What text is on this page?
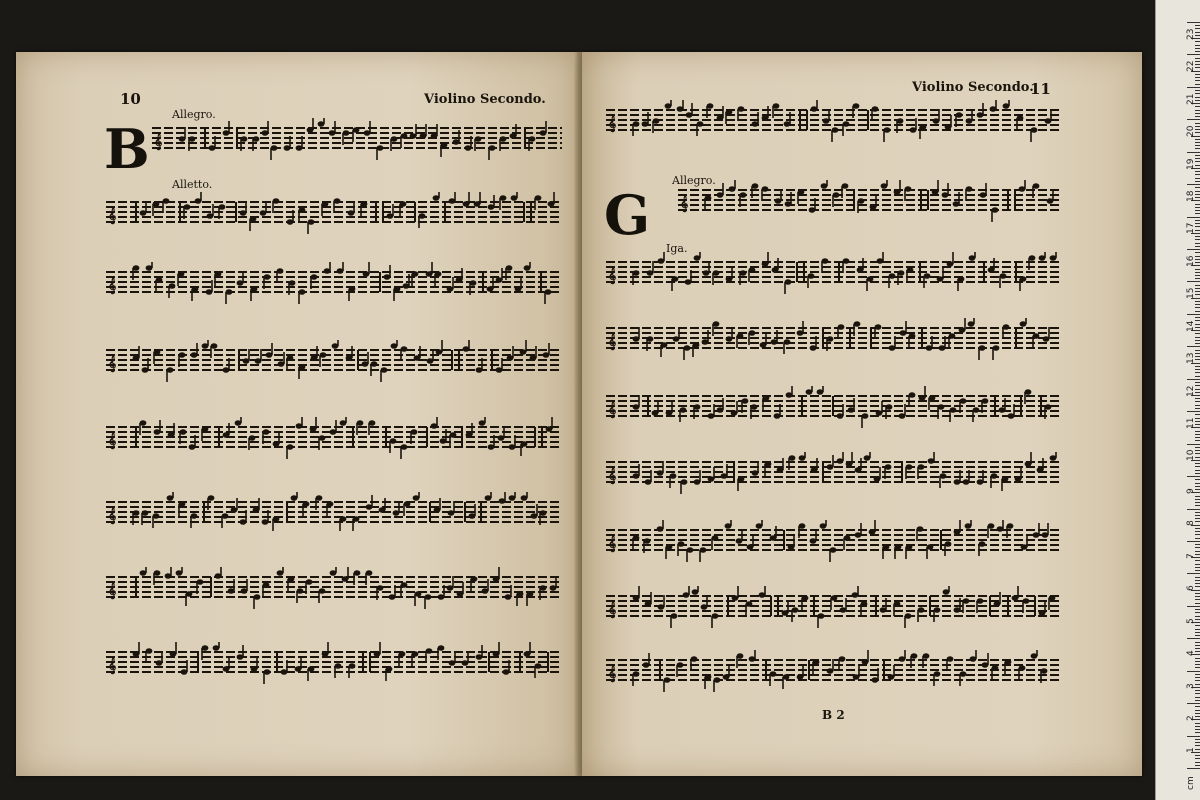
10	Violino Secondo.
B
Allegro.
Alletto.
𝄞
𝄞
𝄞
𝄞
𝄞
𝄞
𝄞
𝄞
Violino Secondo.
11
G
Allegro.
Iga.
B 2
𝄞
𝄞
𝄞
𝄞
𝄞
𝄞
𝄞
𝄞
𝄞
cm
23
22
21
20
19
18
17
16
15
14
13
12
11
10
9
8
7
6
5
4
3
2
1
